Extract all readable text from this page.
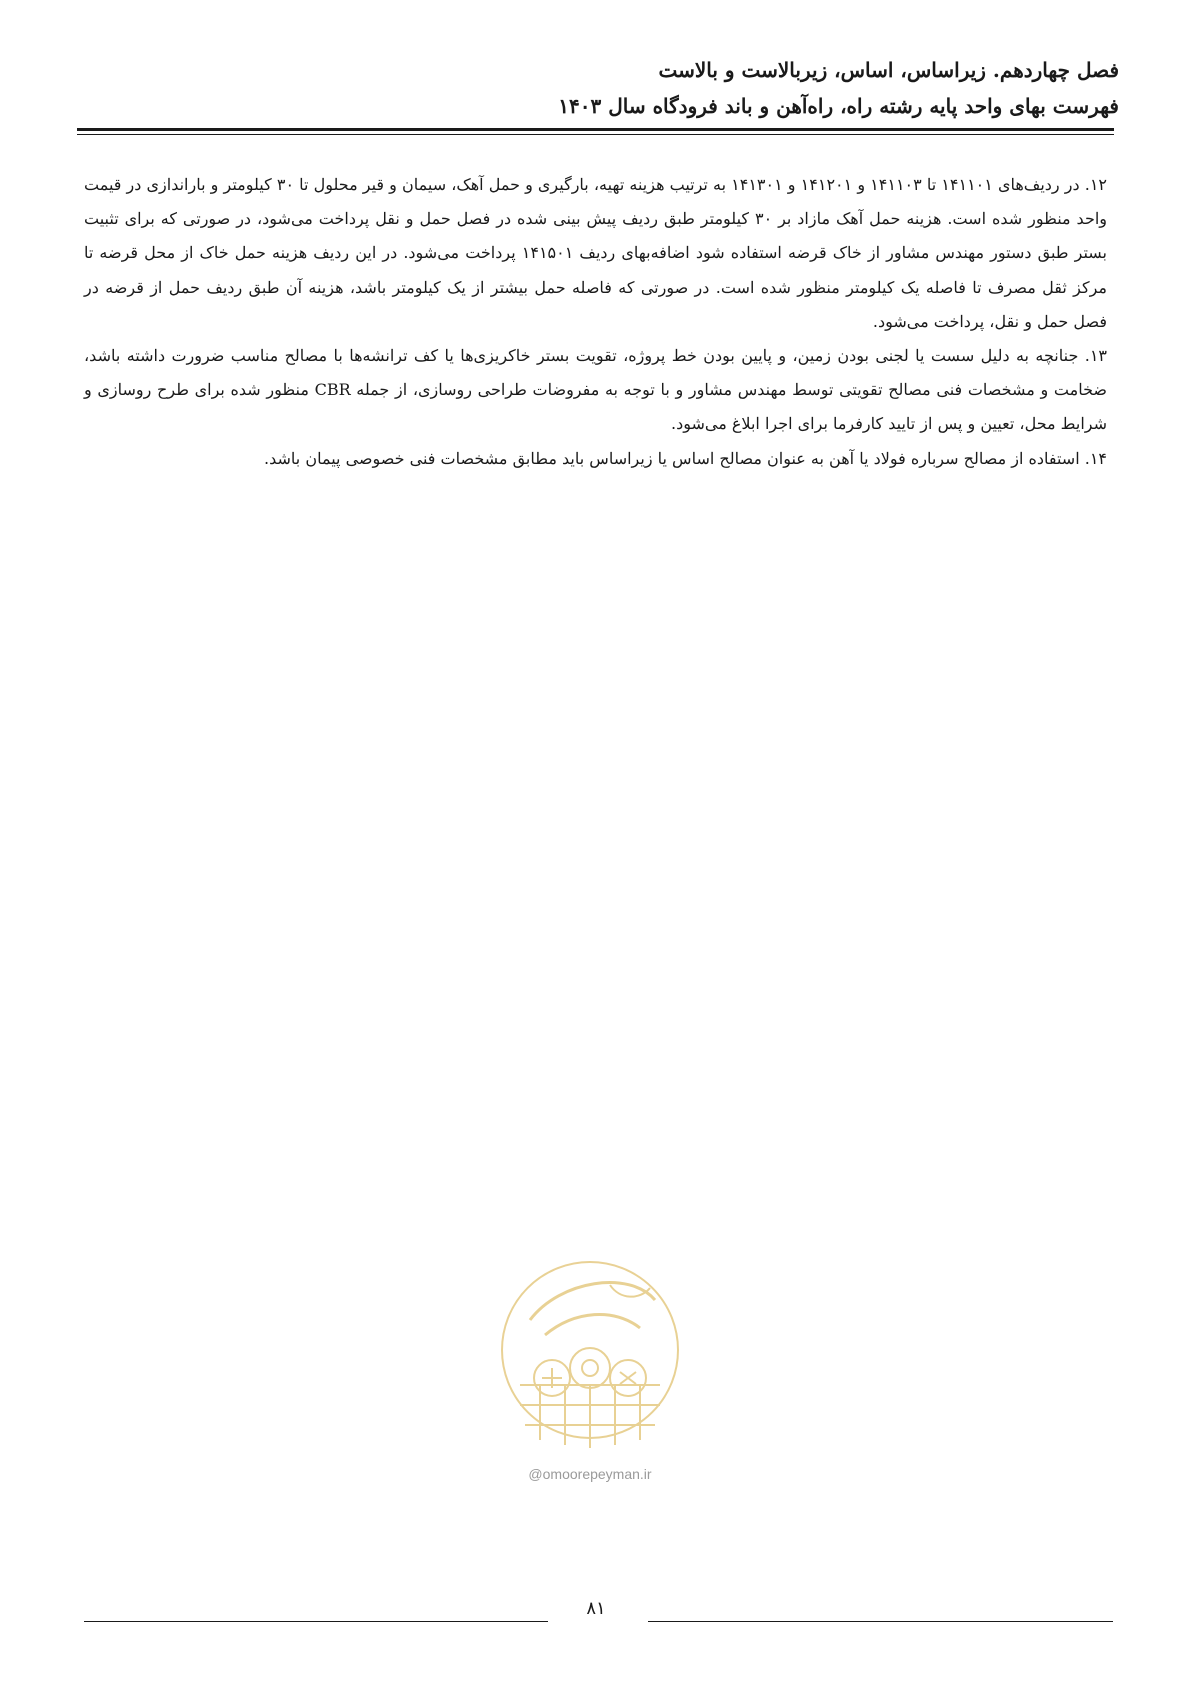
فصل چهاردهم. زیراساس، اساس، زیربالاست و بالاست
فهرست بهای واحد پایه رشته راه، راه‌آهن و باند فرودگاه سال ۱۴۰۳

۱۲. در ردیف‌های ۱۴۱۱۰۱ تا ۱۴۱۱۰۳ و ۱۴۱۲۰۱ و ۱۴۱۳۰۱ به ترتیب هزینه تهیه، بارگیری و حمل آهک، سیمان و قیر محلول تا ۳۰ کیلومتر و باراندازی در قیمت واحد منظور شده است. هزینه حمل آهک مازاد بر ۳۰ کیلومتر طبق ردیف پیش بینی شده در فصل حمل و نقل پرداخت می‌شود، در صورتی که برای تثبیت بستر طبق دستور مهندس مشاور از خاک قرضه استفاده شود اضافه‌بهای ردیف ۱۴۱۵۰۱ پرداخت می‌شود. در این ردیف هزینه حمل خاک از محل قرضه تا مرکز ثقل مصرف تا فاصله یک کیلومتر منظور شده است. در صورتی که فاصله حمل بیشتر از یک کیلومتر باشد، هزینه آن طبق ردیف حمل از قرضه در فصل حمل و نقل، پرداخت می‌شود.

۱۳. جنانچه به دلیل سست یا لجنی بودن زمین، و پایین بودن خط پروژه، تقویت بستر خاکریزی‌ها یا کف ترانشه‌ها با مصالح مناسب ضرورت داشته باشد، ضخامت و مشخصات فنی مصالح تقویتی توسط مهندس مشاور و با توجه به مفروضات طراحی روسازی، از جمله CBR منظور شده برای طرح روسازی و شرایط محل، تعیین و پس از تایید کارفرما برای اجرا ابلاغ می‌شود.

۱۴. استفاده از مصالح سرباره فولاد یا آهن به عنوان مصالح اساس یا زیراساس باید مطابق مشخصات فنی خصوصی پیمان باشد.

@omoorepeyman.ir
۸۱
